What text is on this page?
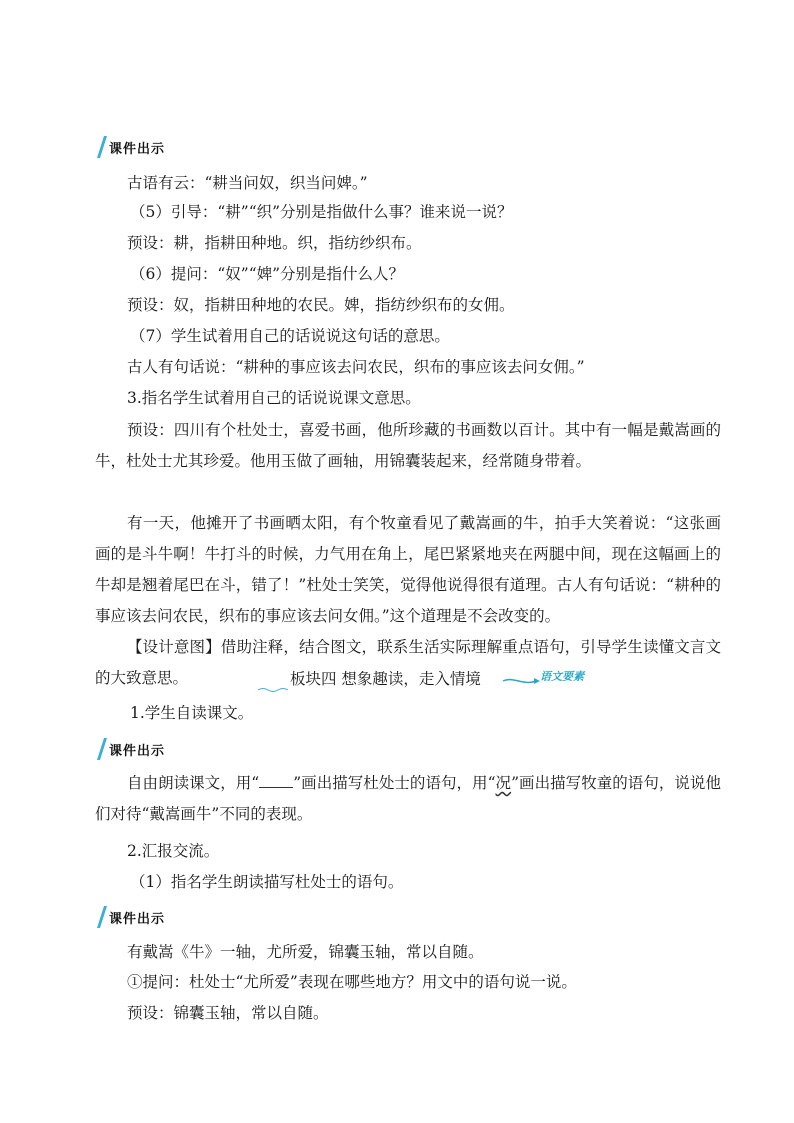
课件出示
古语有云：“耕当问奴，织当问婢。”
（5）引导：“耕”“织”分别是指做什么事？谁来说一说？
预设：耕，指耕田种地。织，指纺纱织布。
（6）提问：“奴”“婢”分别是指什么人？
预设：奴，指耕田种地的农民。婢，指纺纱织布的女佣。
（7）学生试着用自己的话说说这句话的意思。
古人有句话说：“耕种的事应该去问农民，织布的事应该去问女佣。”
3.指名学生试着用自己的话说说课文意思。
预设：四川有个杜处士，喜爱书画，他所珍藏的书画数以百计。其中有一幅是戴嵩画的牛，杜处士尤其珍爱。他用玉做了画轴，用锦囊装起来，经常随身带着。
有一天，他摊开了书画晒太阳，有个牧童看见了戴嵩画的牛，拍手大笑着说：“这张画画的是斗牛啊！牛打斗的时候，力气用在角上，尾巴紧紧地夹在两腿中间，现在这幅画上的牛却是翘着尾巴在斗，错了！”杜处士笑笑，觉得他说得很有道理。古人有句话说：“耕种的事应该去问农民，织布的事应该去问女佣。”这个道理是不会改变的。
【设计意图】借助注释，结合图文，联系生活实际理解重点语句，引导学生读懂文言文的大致意思。	板块四 想象趣读，走入情境	语文要素
1.学生自读课文。
课件出示
自由朗读课文，用“ ”画出描写杜处士的语句，用“况”画出描写牧童的语句，说说他们对待“戴嵩画牛”不同的表现。
2.汇报交流。
（1）指名学生朗读描写杜处士的语句。
课件出示
有戴嵩《牛》一轴，尤所爱，锦囊玉轴，常以自随。
①提问：杜处士“尤所爱”表现在哪些地方？用文中的语句说一说。
预设：锦囊玉轴，常以自随。
